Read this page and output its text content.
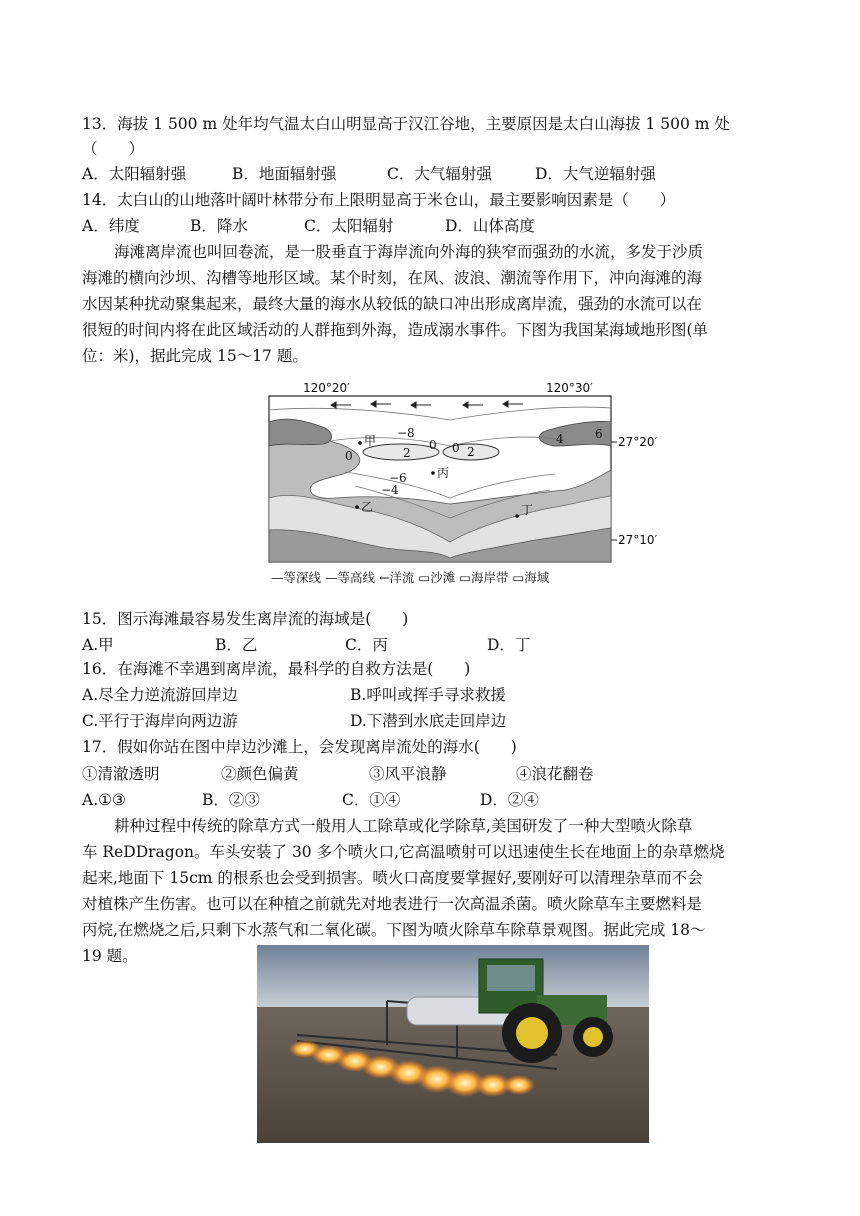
13．海拔 1 500 m 处年均气温太白山明显高于汉江谷地，主要原因是太白山海拔 1 500 m 处
（　　）
A．太阳辐射强	B．地面辐射强	C．大气辐射强	D．大气逆辐射强
14．太白山的山地落叶阔叶林带分布上限明显高于米仓山，最主要影响因素是（　　）
A．纬度	B．降水	C．太阳辐射	D．山体高度
海滩离岸流也叫回卷流，是一股垂直于海岸流向外海的狭窄而强劲的水流，多发于沙质
海滩的横向沙坝、沟槽等地形区域。某个时刻，在风、波浪、潮流等作用下，冲向海滩的海
水因某种扰动聚集起来，最终大量的海水从较低的缺口冲出形成离岸流，强劲的水流可以在
很短的时间内将在此区域活动的人群拖到外海，造成溺水事件。下图为我国某海域地形图(单
位：米)，据此完成 15～17 题。
120°20′	120°30′
−8
0
2
0	2
0
−6
−4
4	6
甲
乙
丙
丁
27°20′
27°10′
—等深线 —等高线 ←洋流 ▭沙滩 ▭海岸带 ▭海域
15．图示海滩最容易发生离岸流的海域是(　　)
A.甲	B．乙	C．丙	D．丁
16．在海滩不幸遇到离岸流，最科学的自救方法是(　　)
A.尽全力逆流游回岸边	B.呼叫或挥手寻求救援
C.平行于海岸向两边游	D.下潜到水底走回岸边
17．假如你站在图中岸边沙滩上，会发现离岸流处的海水(　　)
①清澈透明	②颜色偏黄	③风平浪静	④浪花翻卷
A.①③	B．②③	C．①④	D．②④
耕种过程中传统的除草方式一般用人工除草或化学除草,美国研发了一种大型喷火除草
车 ReDDragon。车头安装了 30 多个喷火口,它高温喷射可以迅速使生长在地面上的杂草燃烧
起来,地面下 15cm 的根系也会受到损害。喷火口高度要掌握好,要刚好可以清理杂草而不会
对植株产生伤害。也可以在种植之前就先对地表进行一次高温杀菌。喷火除草车主要燃料是
丙烷,在燃烧之后,只剩下水蒸气和二氧化碳。下图为喷火除草车除草景观图。据此完成 18～
19 题。
